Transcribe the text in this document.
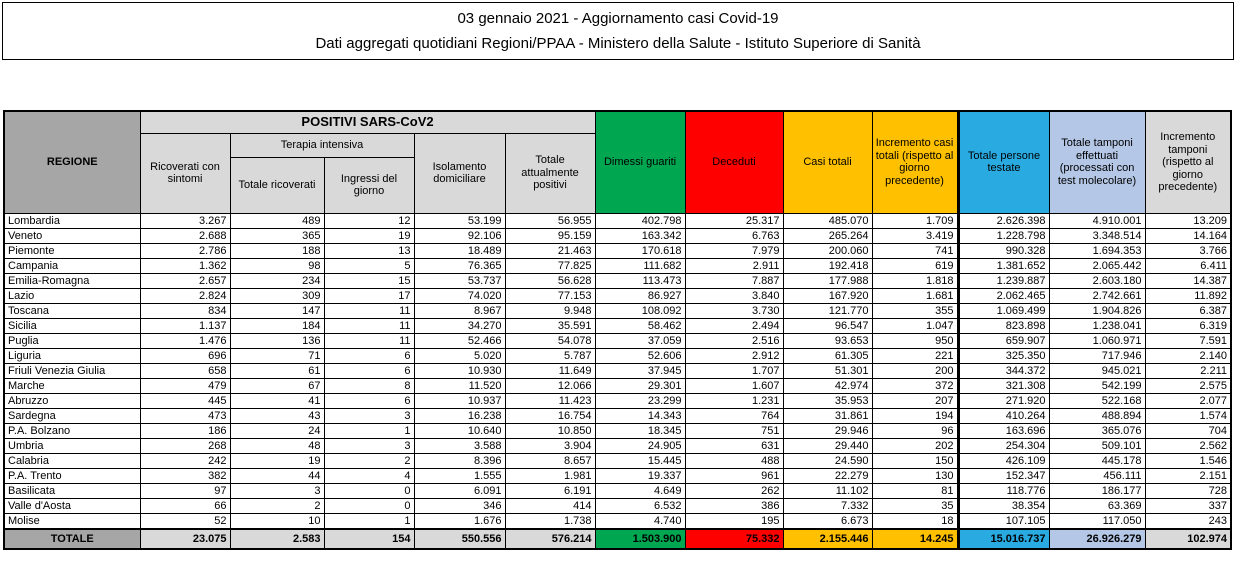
03 gennaio 2021 - Aggiornamento casi Covid-19
Dati aggregati quotidiani Regioni/PPAA - Ministero della Salute - Istituto Superiore di Sanità
REGIONE	POSITIVI SARS-CoV2					Dimessi guariti	Deceduti	Casi totali	Incremento casi totali (rispetto al giorno precedente)	Totale persone testate	Totale tamponi effettuati (processati con test molecolare)	Incremento tamponi (rispetto al giorno precedente)
	Ricoverati con sintomi	Terapia intensiva		Isolamento domiciliare	Totale attualmente positivi							
		Totale ricoverati	Ingressi del giorno									
Lombardia	3.267	489	12	53.199	56.955	402.798	25.317	485.070	1.709	2.626.398	4.910.001	13.209
Veneto	2.688	365	19	92.106	95.159	163.342	6.763	265.264	3.419	1.228.798	3.348.514	14.164
Piemonte	2.786	188	13	18.489	21.463	170.618	7.979	200.060	741	990.328	1.694.353	3.766
Campania	1.362	98	5	76.365	77.825	111.682	2.911	192.418	619	1.381.652	2.065.442	6.411
Emilia-Romagna	2.657	234	15	53.737	56.628	113.473	7.887	177.988	1.818	1.239.887	2.603.180	14.387
Lazio	2.824	309	17	74.020	77.153	86.927	3.840	167.920	1.681	2.062.465	2.742.661	11.892
Toscana	834	147	11	8.967	9.948	108.092	3.730	121.770	355	1.069.499	1.904.826	6.387
Sicilia	1.137	184	11	34.270	35.591	58.462	2.494	96.547	1.047	823.898	1.238.041	6.319
Puglia	1.476	136	11	52.466	54.078	37.059	2.516	93.653	950	659.907	1.060.971	7.591
Liguria	696	71	6	5.020	5.787	52.606	2.912	61.305	221	325.350	717.946	2.140
Friuli Venezia Giulia	658	61	6	10.930	11.649	37.945	1.707	51.301	200	344.372	945.021	2.211
Marche	479	67	8	11.520	12.066	29.301	1.607	42.974	372	321.308	542.199	2.575
Abruzzo	445	41	6	10.937	11.423	23.299	1.231	35.953	207	271.920	522.168	2.077
Sardegna	473	43	3	16.238	16.754	14.343	764	31.861	194	410.264	488.894	1.574
P.A. Bolzano	186	24	1	10.640	10.850	18.345	751	29.946	96	163.696	365.076	704
Umbria	268	48	3	3.588	3.904	24.905	631	29.440	202	254.304	509.101	2.562
Calabria	242	19	2	8.396	8.657	15.445	488	24.590	150	426.109	445.178	1.546
P.A. Trento	382	44	4	1.555	1.981	19.337	961	22.279	130	152.347	456.111	2.151
Basilicata	97	3	0	6.091	6.191	4.649	262	11.102	81	118.776	186.177	728
Valle d'Aosta	66	2	0	346	414	6.532	386	7.332	35	38.354	63.369	337
Molise	52	10	1	1.676	1.738	4.740	195	6.673	18	107.105	117.050	243
TOTALE	23.075	2.583	154	550.556	576.214	1.503.900	75.332	2.155.446	14.245	15.016.737	26.926.279	102.974
